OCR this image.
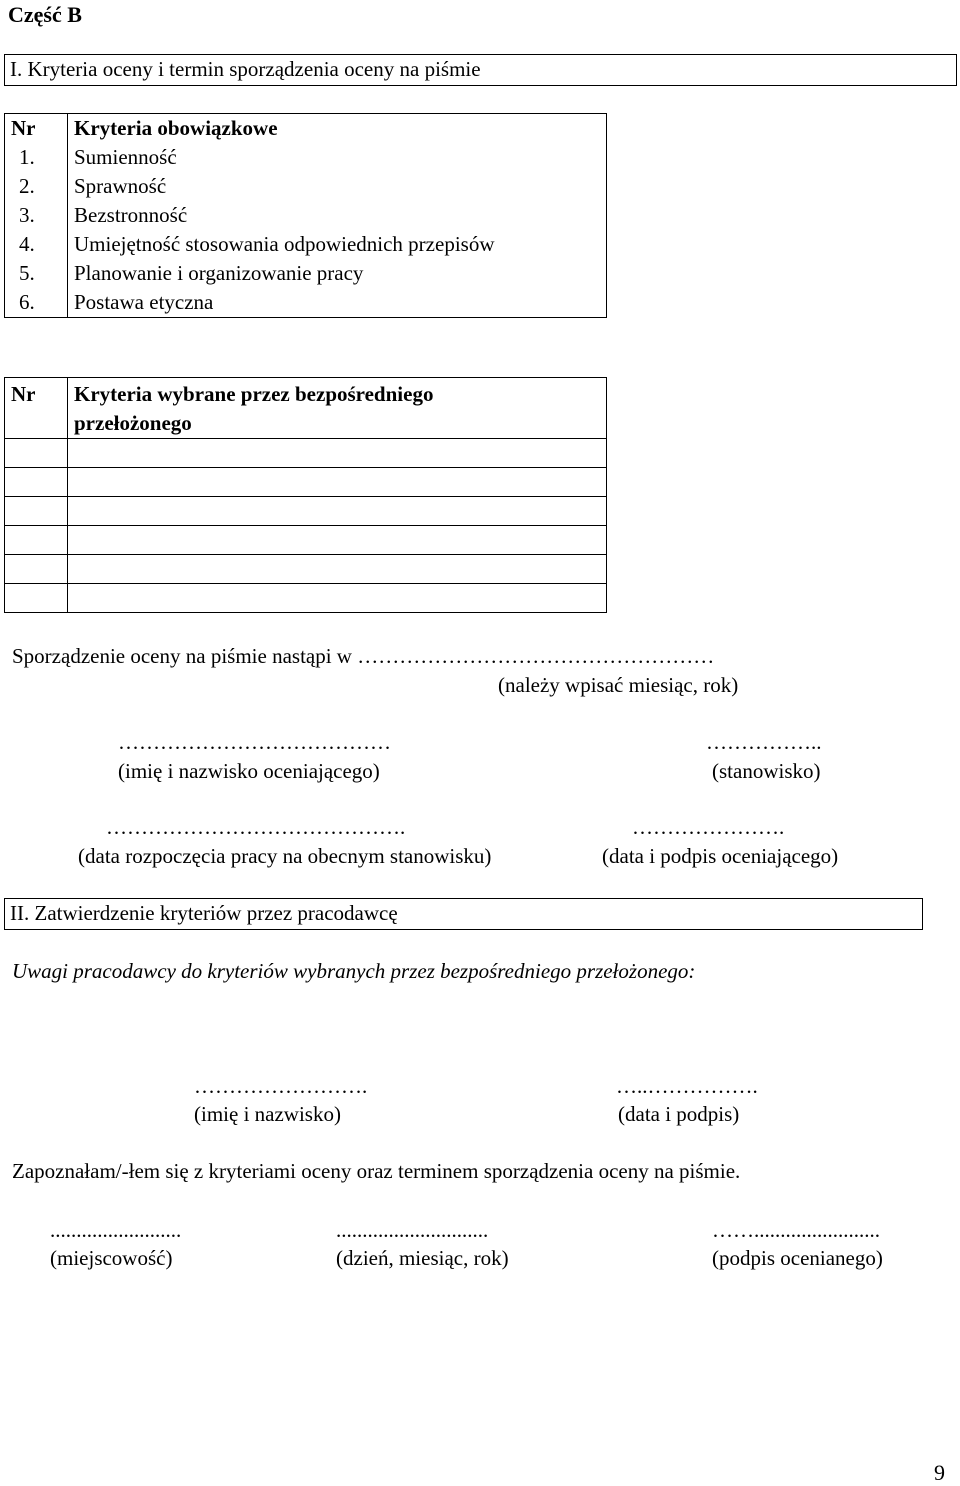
Część B
I. Kryteria oceny i termin sporządzenia oceny na piśmie
Nr	Kryteria obowiązkowe
1.	Sumienność
2.	Sprawność
3.	Bezstronność
4.	Umiejętność stosowania odpowiednich przepisów
5.	Planowanie i organizowanie pracy
6.	Postawa etyczna
Nr	Kryteria wybrane przez bezpośredniego
przełożonego

Sporządzenie oceny na piśmie nastąpi w ……………………………………………
(należy wpisać miesiąc, rok)
…………………………………
(imię i nazwisko oceniającego)
……………..
(stanowisko)
…………………………………….
(data rozpoczęcia pracy na obecnym stanowisku)
………………….
(data i podpis oceniającego)
II. Zatwierdzenie kryteriów przez pracodawcę
Uwagi pracodawcy do kryteriów wybranych przez bezpośredniego przełożonego:
…………………….
(imię i nazwisko)
…..…………….
(data i podpis)
Zapoznałam/-łem się z kryteriami oceny oraz terminem sporządzenia oceny na piśmie.
.........................
(miejscowość)
.............................
(dzień, miesiąc, rok)
……........................
(podpis ocenianego)
9
